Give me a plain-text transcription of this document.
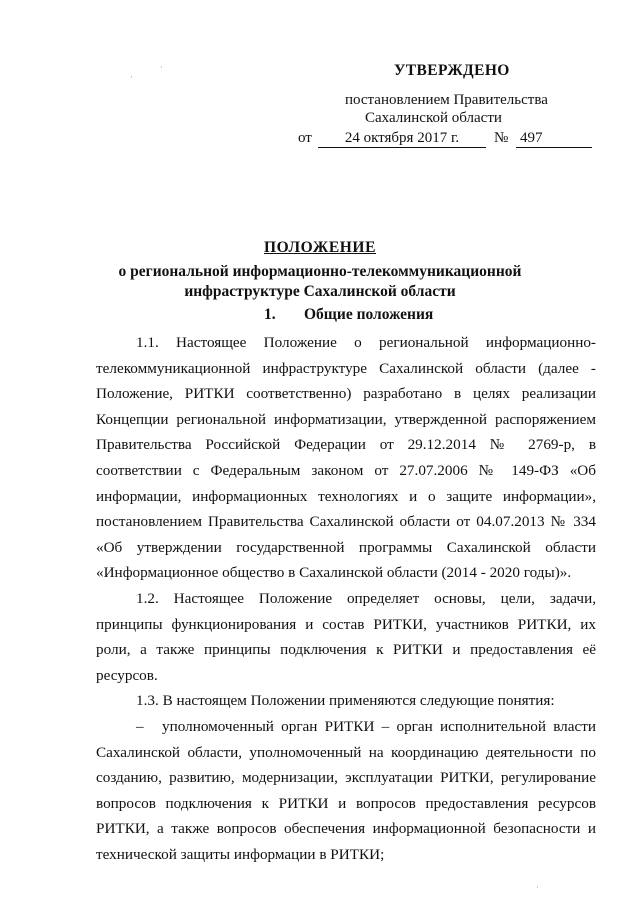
УТВЕРЖДЕНО
постановлением Правительства
Сахалинской области
от	24 октября 2017 г.	№ 497
ПОЛОЖЕНИЕ
о региональной информационно-телекоммуникационной
инфраструктуре Сахалинской области
1. Общие положения

1.1. Настоящее Положение о региональной информационно-телекоммуникационной инфраструктуре Сахалинской области (далее - Положение, РИТКИ соответственно) разработано в целях реализации Концепции региональной информатизации, утвержденной распоряжением Правительства Российской Федерации от 29.12.2014 № 2769-р, в соответствии с Федеральным законом от 27.07.2006 № 149-ФЗ «Об информации, информационных технологиях и о защите информации», постановлением Правительства Сахалинской области от 04.07.2013 № 334 «Об утверждении государственной программы Сахалинской области «Информационное общество в Сахалинской области (2014 - 2020 годы)».

1.2. Настоящее Положение определяет основы, цели, задачи, принципы функционирования и состав РИТКИ, участников РИТКИ, их роли, а также принципы подключения к РИТКИ и предоставления её ресурсов.

1.3. В настоящем Положении применяются следующие понятия:

– уполномоченный орган РИТКИ – орган исполнительной власти Сахалинской области, уполномоченный на координацию деятельности по созданию, развитию, модернизации, эксплуатации РИТКИ, регулирование вопросов подключения к РИТКИ и вопросов предоставления ресурсов РИТКИ, а также вопросов обеспечения информационной безопасности и технической защиты информации в РИТКИ;

·
·
·
